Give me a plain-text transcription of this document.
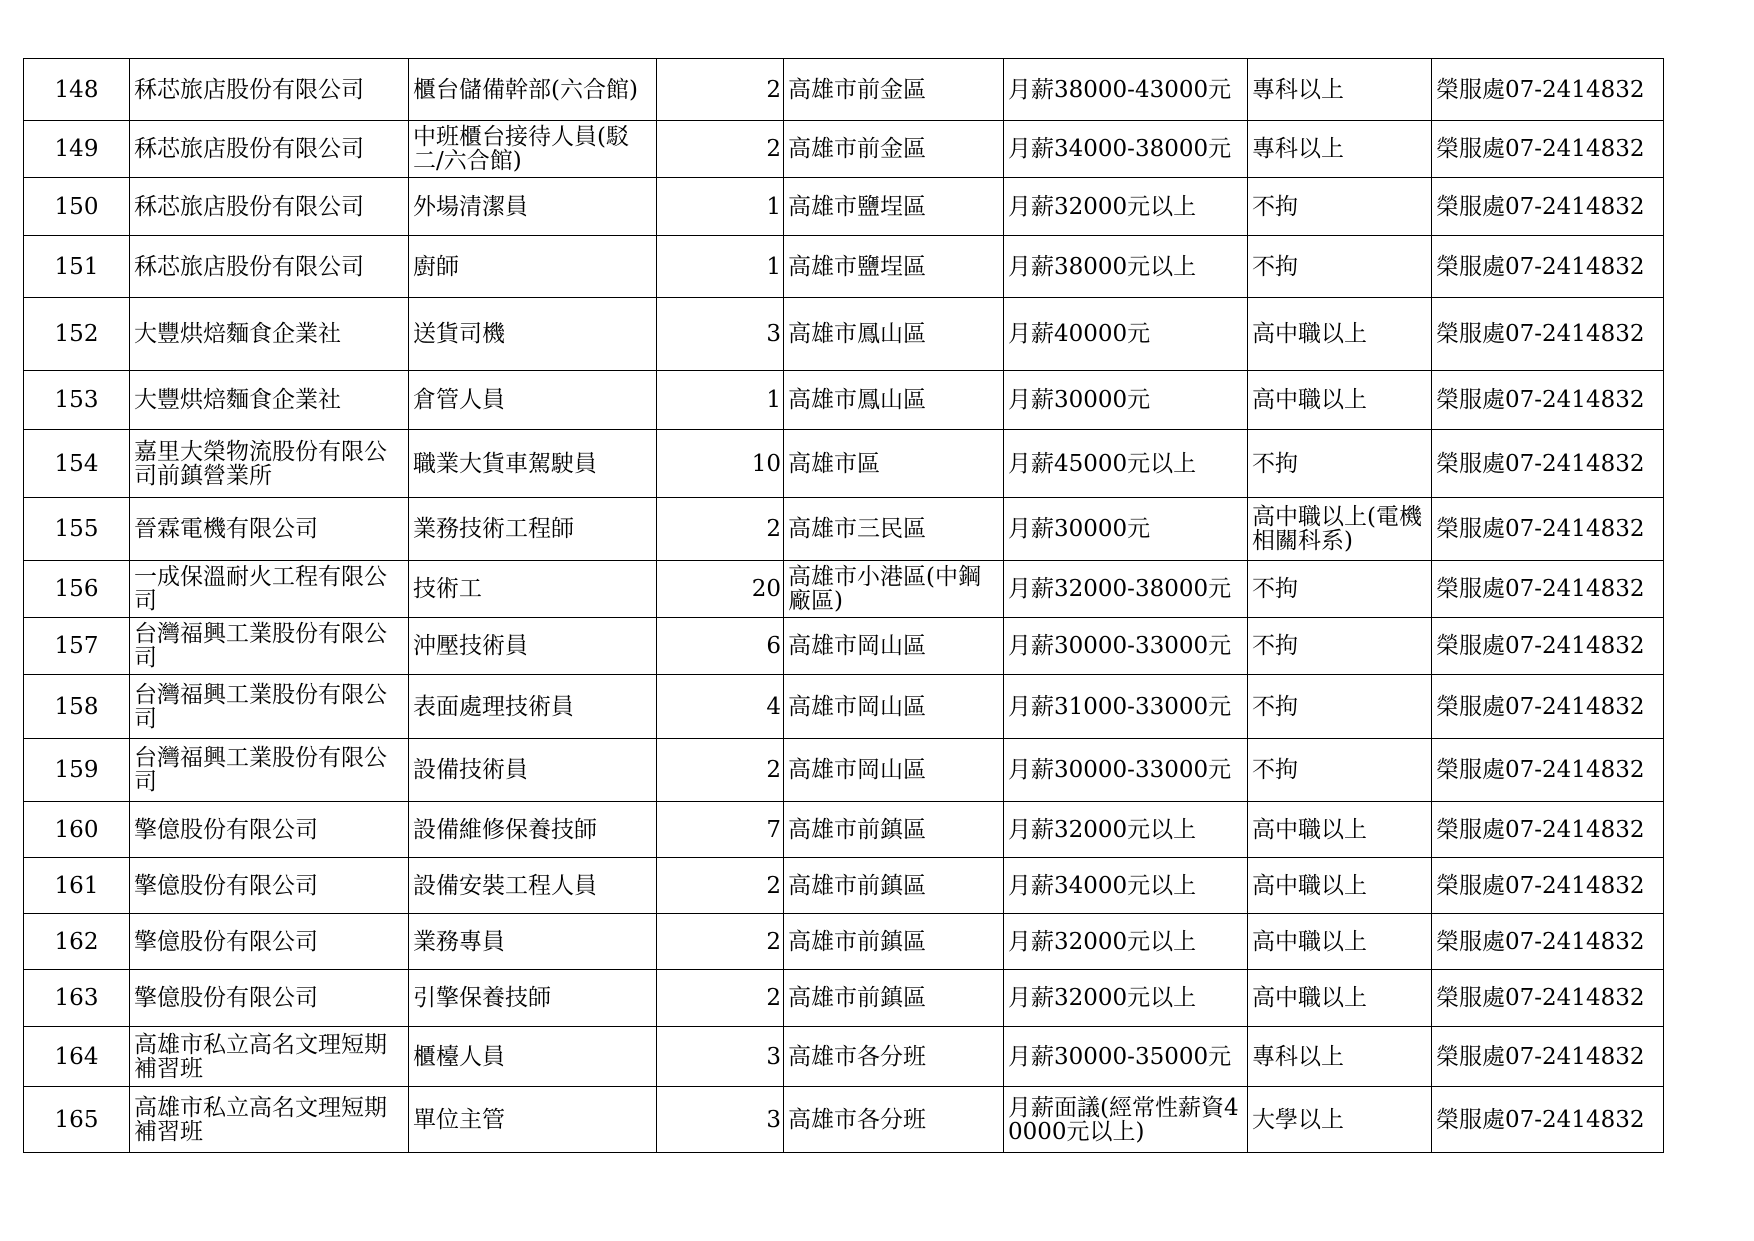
148	秝芯旅店股份有限公司	櫃台儲備幹部(六合館)	2	高雄市前金區	月薪38000-43000元	專科以上	榮服處07-2414832
149	秝芯旅店股份有限公司	中班櫃台接待人員(駁二/六合館)	2	高雄市前金區	月薪34000-38000元	專科以上	榮服處07-2414832
150	秝芯旅店股份有限公司	外場清潔員	1	高雄市鹽埕區	月薪32000元以上	不拘	榮服處07-2414832
151	秝芯旅店股份有限公司	廚師	1	高雄市鹽埕區	月薪38000元以上	不拘	榮服處07-2414832
152	大豐烘焙麵食企業社	送貨司機	3	高雄市鳳山區	月薪40000元	高中職以上	榮服處07-2414832
153	大豐烘焙麵食企業社	倉管人員	1	高雄市鳳山區	月薪30000元	高中職以上	榮服處07-2414832
154	嘉里大榮物流股份有限公司前鎮營業所	職業大貨車駕駛員	10	高雄市區	月薪45000元以上	不拘	榮服處07-2414832
155	晉霖電機有限公司	業務技術工程師	2	高雄市三民區	月薪30000元	高中職以上(電機相關科系)	榮服處07-2414832
156	一成保溫耐火工程有限公司	技術工	20	高雄市小港區(中鋼廠區)	月薪32000-38000元	不拘	榮服處07-2414832
157	台灣福興工業股份有限公司	沖壓技術員	6	高雄市岡山區	月薪30000-33000元	不拘	榮服處07-2414832
158	台灣福興工業股份有限公司	表面處理技術員	4	高雄市岡山區	月薪31000-33000元	不拘	榮服處07-2414832
159	台灣福興工業股份有限公司	設備技術員	2	高雄市岡山區	月薪30000-33000元	不拘	榮服處07-2414832
160	擎億股份有限公司	設備維修保養技師	7	高雄市前鎮區	月薪32000元以上	高中職以上	榮服處07-2414832
161	擎億股份有限公司	設備安裝工程人員	2	高雄市前鎮區	月薪34000元以上	高中職以上	榮服處07-2414832
162	擎億股份有限公司	業務專員	2	高雄市前鎮區	月薪32000元以上	高中職以上	榮服處07-2414832
163	擎億股份有限公司	引擎保養技師	2	高雄市前鎮區	月薪32000元以上	高中職以上	榮服處07-2414832
164	高雄市私立高名文理短期補習班	櫃檯人員	3	高雄市各分班	月薪30000-35000元	專科以上	榮服處07-2414832
165	高雄市私立高名文理短期補習班	單位主管	3	高雄市各分班	月薪面議(經常性薪資40000元以上)	大學以上	榮服處07-2414832
